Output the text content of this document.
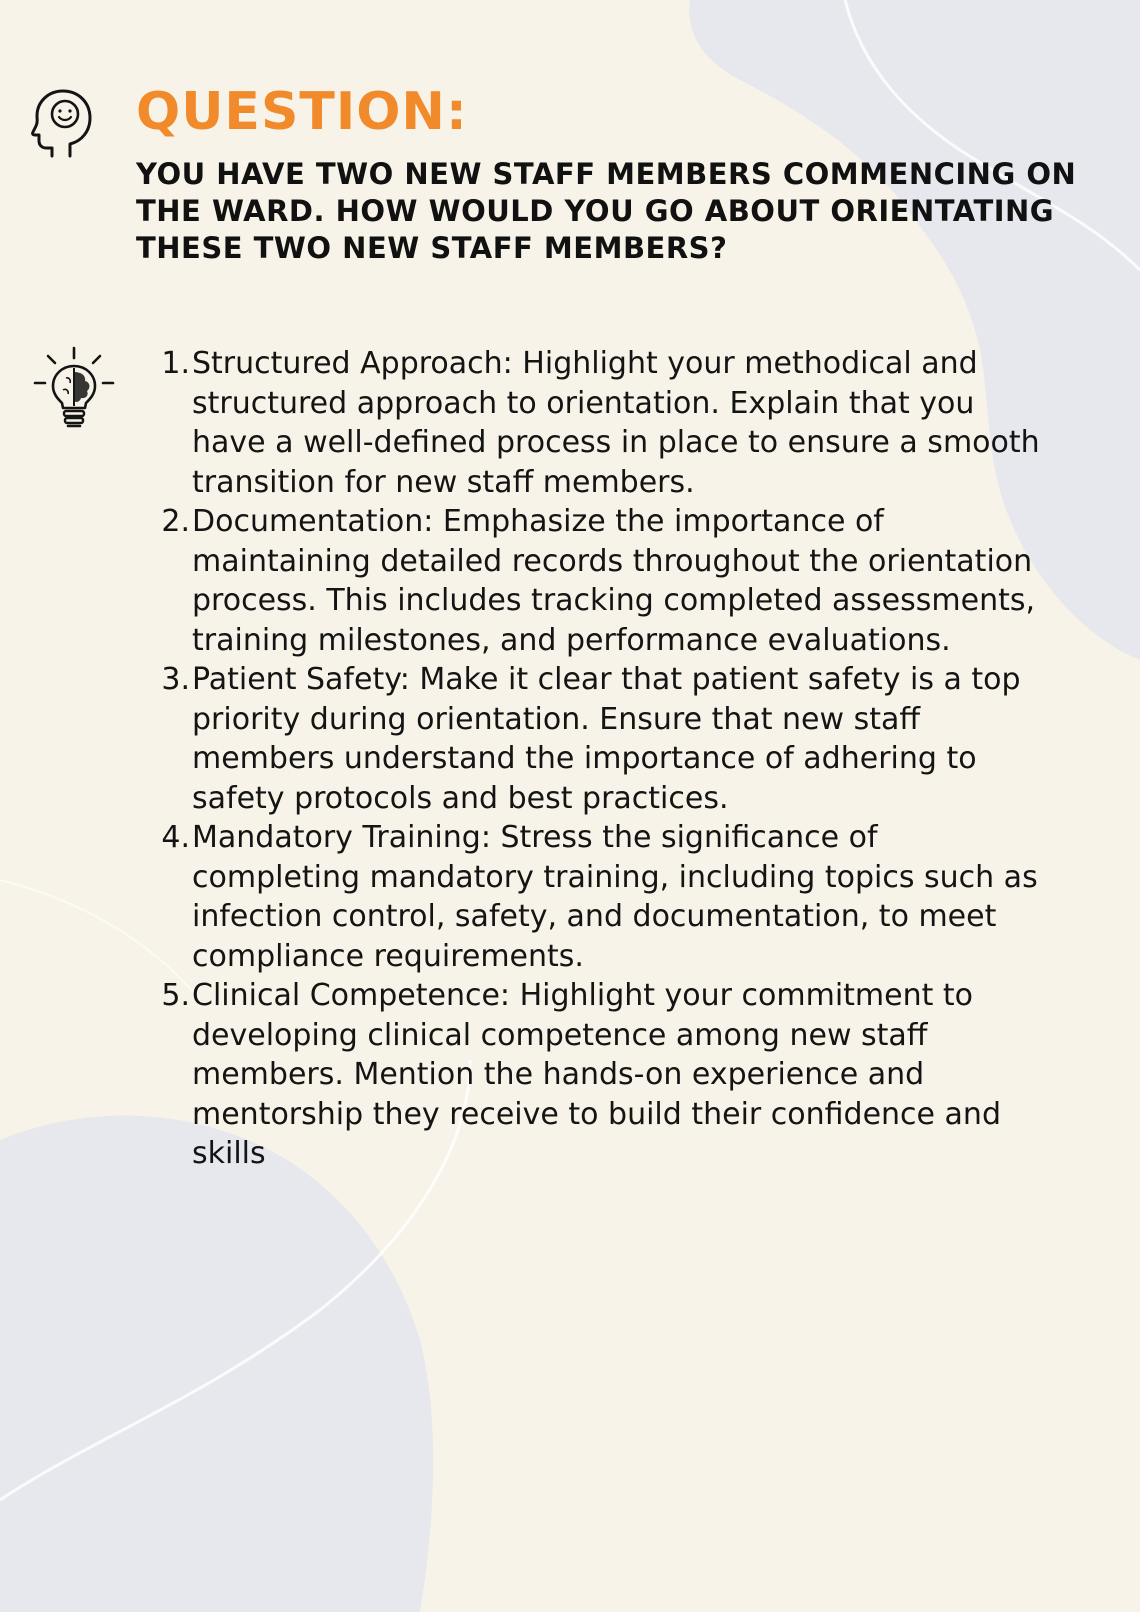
QUESTION:

YOU HAVE TWO NEW STAFF MEMBERS COMMENCING ON THE WARD. HOW WOULD YOU GO ABOUT ORIENTATING THESE TWO NEW STAFF MEMBERS?

1. Structured Approach: Highlight your methodical and structured approach to orientation. Explain that you have a well-defined process in place to ensure a smooth transition for new staff members.
2. Documentation: Emphasize the importance of maintaining detailed records throughout the orientation process. This includes tracking completed assessments, training milestones, and performance evaluations.
3. Patient Safety: Make it clear that patient safety is a top priority during orientation. Ensure that new staff members understand the importance of adhering to safety protocols and best practices.
4. Mandatory Training: Stress the significance of completing mandatory training, including topics such as infection control, safety, and documentation, to meet compliance requirements.
5. Clinical Competence: Highlight your commitment to developing clinical competence among new staff members. Mention the hands-on experience and mentorship they receive to build their confidence and skills
